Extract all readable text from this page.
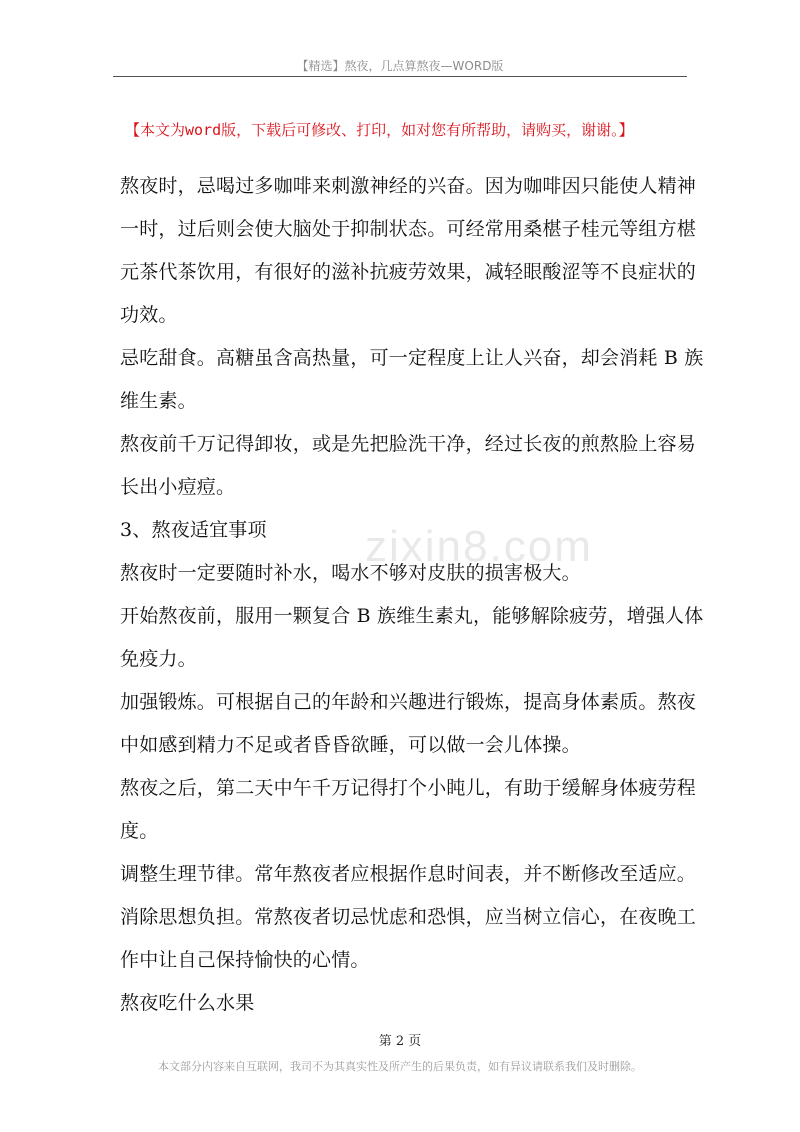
【精选】熬夜，几点算熬夜—WORD版
【本文为word版，下载后可修改、打印，如对您有所帮助，请购买，谢谢。】
zixin8.com
熬夜时，忌喝过多咖啡来刺激神经的兴奋。因为咖啡因只能使人精神
一时，过后则会使大脑处于抑制状态。可经常用桑椹子桂元等组方椹
元茶代茶饮用，有很好的滋补抗疲劳效果，减轻眼酸涩等不良症状的
功效。
忌吃甜食。高糖虽含高热量，可一定程度上让人兴奋，却会消耗 B 族
维生素。
熬夜前千万记得卸妆，或是先把脸洗干净，经过长夜的煎熬脸上容易
长出小痘痘。
3、熬夜适宜事项
熬夜时一定要随时补水，喝水不够对皮肤的损害极大。
开始熬夜前，服用一颗复合 B 族维生素丸，能够解除疲劳，增强人体
免疫力。
加强锻炼。可根据自己的年龄和兴趣进行锻炼，提高身体素质。熬夜
中如感到精力不足或者昏昏欲睡，可以做一会儿体操。
熬夜之后，第二天中午千万记得打个小盹儿，有助于缓解身体疲劳程
度。
调整生理节律。常年熬夜者应根据作息时间表，并不断修改至适应。
消除思想负担。常熬夜者切忌忧虑和恐惧，应当树立信心，在夜晚工
作中让自己保持愉快的心情。
熬夜吃什么水果
第 2 页
本文部分内容来自互联网，我司不为其真实性及所产生的后果负责，如有异议请联系我们及时删除。
